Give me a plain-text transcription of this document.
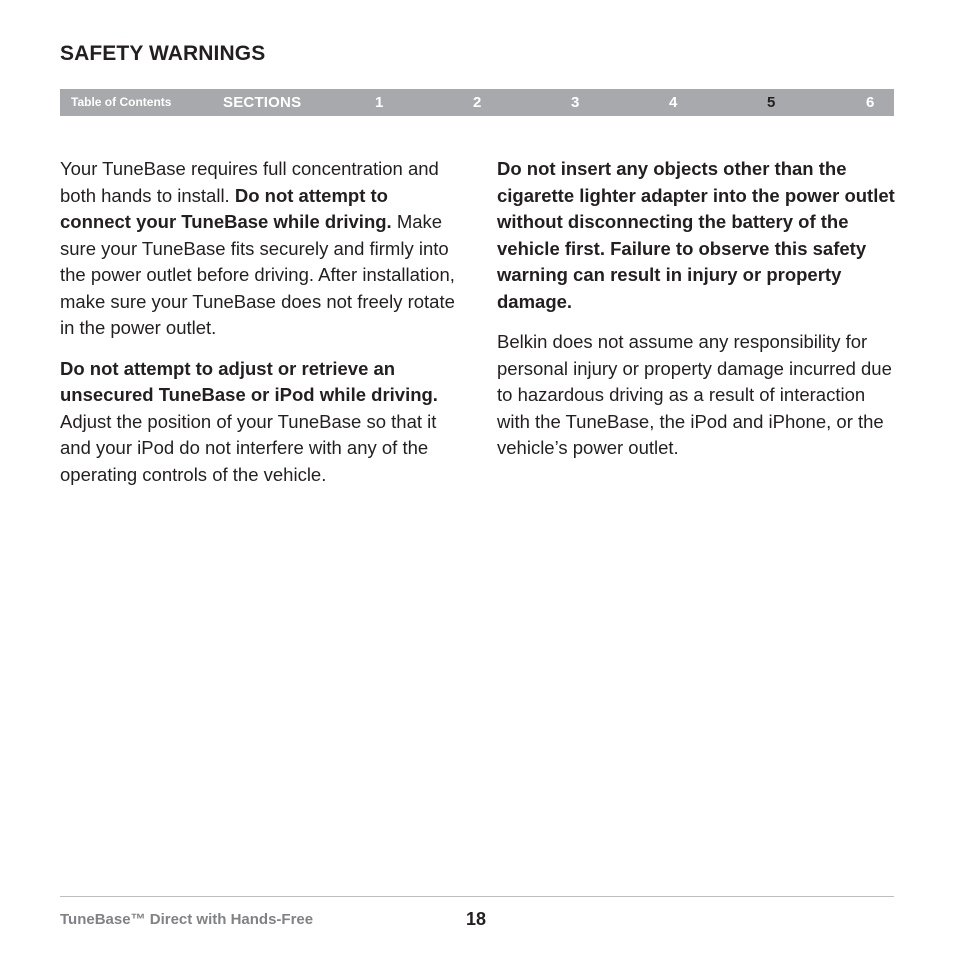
SAFETY WARNINGS
Table of Contents	SECTIONS	1	2	3	4	5	6

Your TuneBase requires full concentration and both hands to install. Do not attempt to connect your TuneBase while driving. Make sure your TuneBase fits securely and firmly into the power outlet before driving. After installation, make sure your TuneBase does not freely rotate in the power outlet.

Do not attempt to adjust or retrieve an unsecured TuneBase or iPod while driving. Adjust the position of your TuneBase so that it and your iPod do not interfere with any of the operating controls of the vehicle.

Do not insert any objects other than the cigarette lighter adapter into the power outlet without disconnecting the battery of the vehicle first. Failure to observe this safety warning can result in injury or property damage.

Belkin does not assume any responsibility for personal injury or property damage incurred due to hazardous driving as a result of interaction with the TuneBase, the iPod and iPhone, or the vehicle’s power outlet.

TuneBase™ Direct with Hands-Free	18
